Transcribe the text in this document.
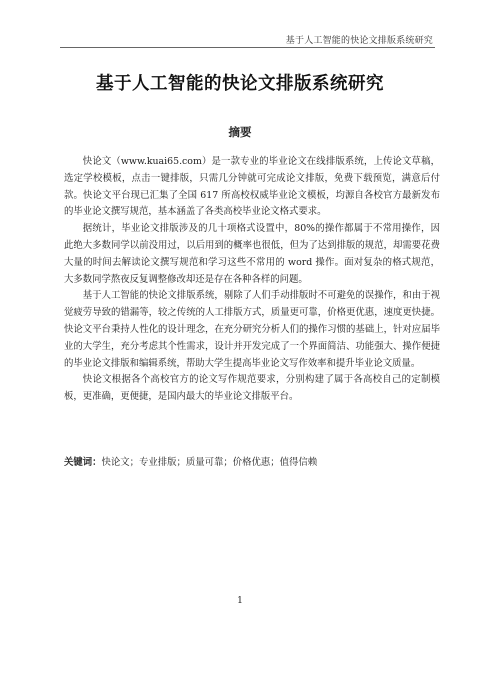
基于人工智能的快论文排版系统研究
基于人工智能的快论文排版系统研究
摘要

快论文（www.kuai65.com）是一款专业的毕业论文在线排版系统，上传论文草稿，选定学校模板，点击一键排版，只需几分钟就可完成论文排版，免费下载预览，满意后付款。快论文平台现已汇集了全国 617 所高校权威毕业论文模板，均源自各校官方最新发布的毕业论文撰写规范，基本涵盖了各类高校毕业论文格式要求。

据统计，毕业论文排版涉及的几十项格式设置中，80%的操作都属于不常用操作，因此绝大多数同学以前没用过，以后用到的概率也很低，但为了达到排版的规范，却需要花费大量的时间去解读论文撰写规范和学习这些不常用的 word 操作。面对复杂的格式规范，大多数同学熬夜反复调整修改却还是存在各种各样的问题。

基于人工智能的快论文排版系统，剔除了人们手动排版时不可避免的误操作，和由于视觉疲劳导致的错漏等，较之传统的人工排版方式，质量更可靠，价格更优惠，速度更快捷。快论文平台秉持人性化的设计理念，在充分研究分析人们的操作习惯的基础上，针对应届毕业的大学生，充分考虑其个性需求，设计并开发完成了一个界面简洁、功能强大、操作便捷的毕业论文排版和编辑系统，帮助大学生提高毕业论文写作效率和提升毕业论文质量。

快论文根据各个高校官方的论文写作规范要求，分别构建了属于各高校自己的定制模板，更准确，更便捷，是国内最大的毕业论文排版平台。

关键词：快论文；专业排版；质量可靠；价格优惠；值得信赖
1
